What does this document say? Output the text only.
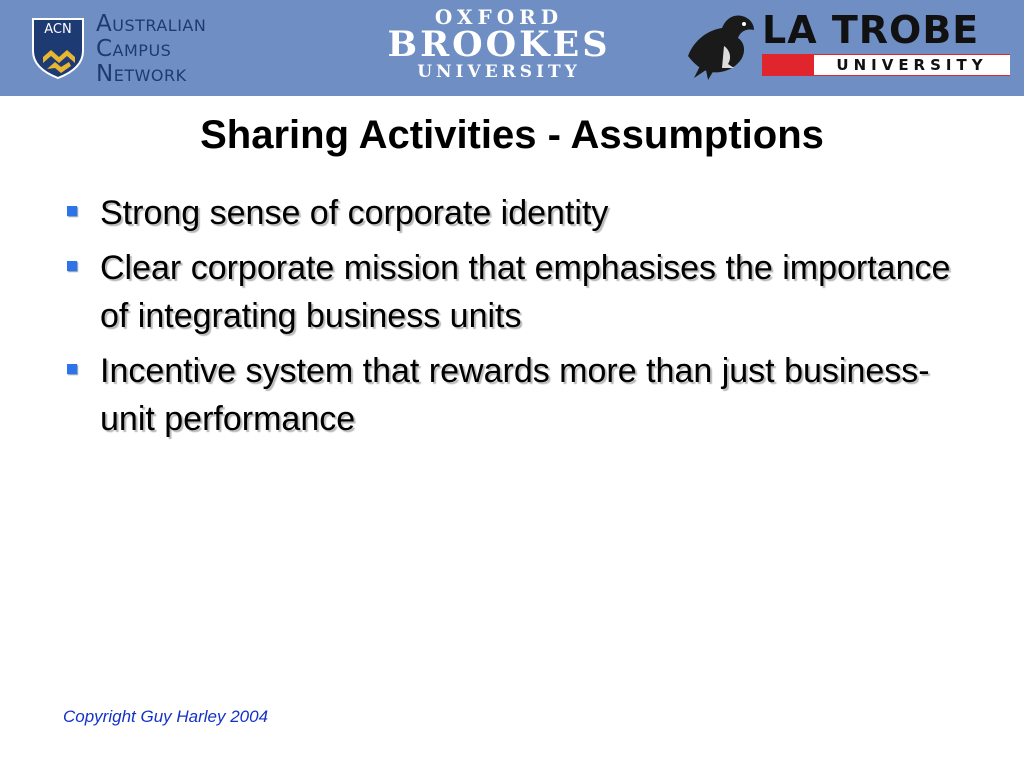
ACN	Australian
Campus
Network
OXFORD
BROOKES
UNIVERSITY
LA TROBE
UNIVERSITY
Sharing Activities - Assumptions
Strong sense of corporate identity
Clear corporate mission that emphasises the importance of integrating business units
Incentive system that rewards more than just business-unit performance
Copyright Guy Harley 2004
